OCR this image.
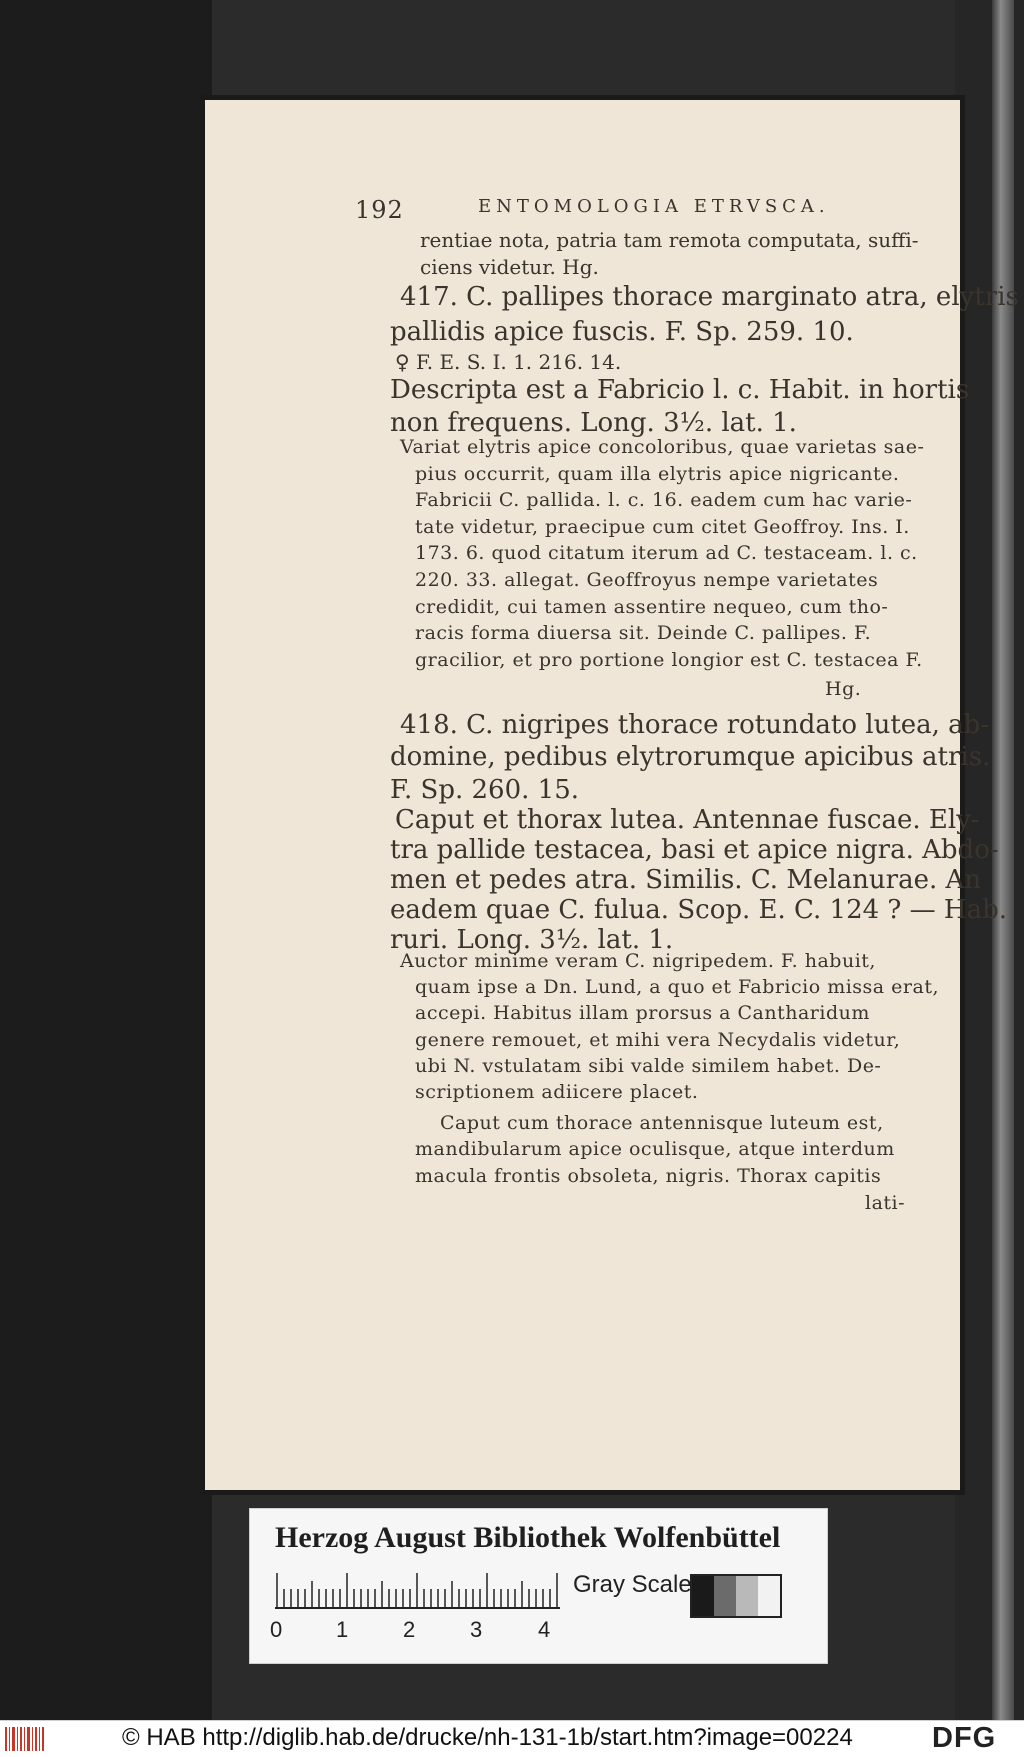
192	ENTOMOLOGIA ETRVSCA.
rentiae nota, patria tam remota computata, suffi-
ciens videtur. Hg.
417. C. pallipes thorace marginato atra, elytris
pallidis apice fuscis. F. Sp. 259. 10.
♀ F. E. S. I. 1. 216. 14.
Descripta est a Fabricio l. c. Habit. in hortis
non frequens. Long. 3½. lat. 1.
Variat elytris apice concoloribus, quae varietas sae-
pius occurrit, quam illa elytris apice nigricante.
Fabricii C. pallida. l. c. 16. eadem cum hac varie-
tate videtur, praecipue cum citet Geoffroy. Ins. I.
173. 6. quod citatum iterum ad C. testaceam. l. c.
220. 33. allegat. Geoffroyus nempe varietates
credidit, cui tamen assentire nequeo, cum tho-
racis forma diuersa sit. Deinde C. pallipes. F.
gracilior, et pro portione longior est C. testacea F.
Hg.
418. C. nigripes thorace rotundato lutea, ab-
domine, pedibus elytrorumque apicibus atris.
F. Sp. 260. 15.
Caput et thorax lutea. Antennae fuscae. Ely-
tra pallide testacea, basi et apice nigra. Abdo-
men et pedes atra. Similis. C. Melanurae. An
eadem quae C. fulua. Scop. E. C. 124 ? — Hab.
ruri. Long. 3½. lat. 1.
Auctor minime veram C. nigripedem. F. habuit,
quam ipse a Dn. Lund, a quo et Fabricio missa erat,
accepi. Habitus illam prorsus a Cantharidum
genere remouet, et mihi vera Necydalis videtur,
ubi N. vstulatam sibi valde similem habet. De-
scriptionem adiicere placet.
Caput cum thorace antennisque luteum est,
mandibularum apice oculisque, atque interdum
macula frontis obsoleta, nigris. Thorax capitis
lati-
Herzog August Bibliothek Wolfenbüttel
0 1 2 3	4
Gray Scale
© HAB http://diglib.hab.de/drucke/nh-131-1b/start.htm?image=00224	DFG
